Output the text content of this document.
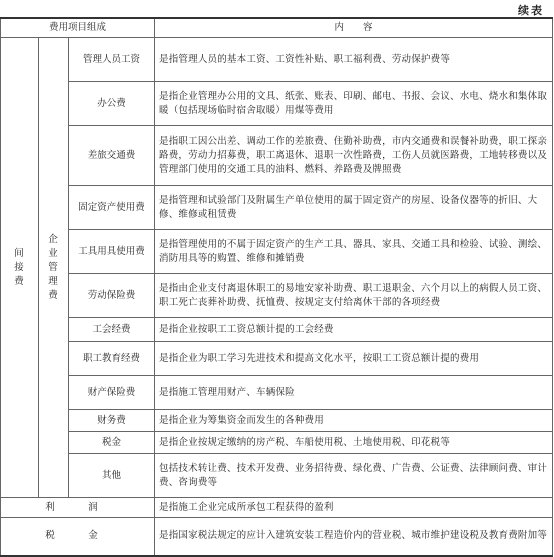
续表
费用项目组成			内　　容
间接费	企业管理费	管理人员工资	是指管理人员的基本工资、工资性补贴、职工福利费、劳动保护费等
		办公费	是指企业管理办公用的文具、纸张、账表、印刷、邮电、书报、会议、水电、烧水和集体取暖（包括现场临时宿舍取暖）用煤等费用
		差旅交通费	是指职工因公出差、调动工作的差旅费、住勤补助费，市内交通费和误餐补助费，职工探亲路费，劳动力招募费，职工离退休、退职一次性路费，工伤人员就医路费，工地转移费以及管理部门使用的交通工具的油料、燃料、养路费及牌照费
		固定资产使用费	是指管理和试验部门及附属生产单位使用的属于固定资产的房屋、设备仪器等的折旧、大修、维修或租赁费
		工具用具使用费	是指管理使用的不属于固定资产的生产工具、器具、家具、交通工具和检验、试验、测绘、消防用具等的购置、维修和摊销费
		劳动保险费	是指由企业支付离退休职工的易地安家补助费、职工退职金、六个月以上的病假人员工资、职工死亡丧葬补助费、抚恤费、按规定支付给离休干部的各项经费
		工会经费	是指企业按职工工资总额计提的工会经费
		职工教育经费	是指企业为职工学习先进技术和提高文化水平，按职工工资总额计提的费用
		财产保险费	是指施工管理用财产、车辆保险
		财务费	是指企业为筹集资金而发生的各种费用
		税金	是指企业按规定缴纳的房产税、车船使用税、土地使用税、印花税等
		其他	包括技术转让费、技术开发费、业务招待费、绿化费、广告费、公证费、法律顾问费、审计费、咨询费等
利　润			是指施工企业完成所承包工程获得的盈利
税　金			是指国家税法规定的应计入建筑安装工程造价内的营业税、城市维护建设税及教育费附加等
